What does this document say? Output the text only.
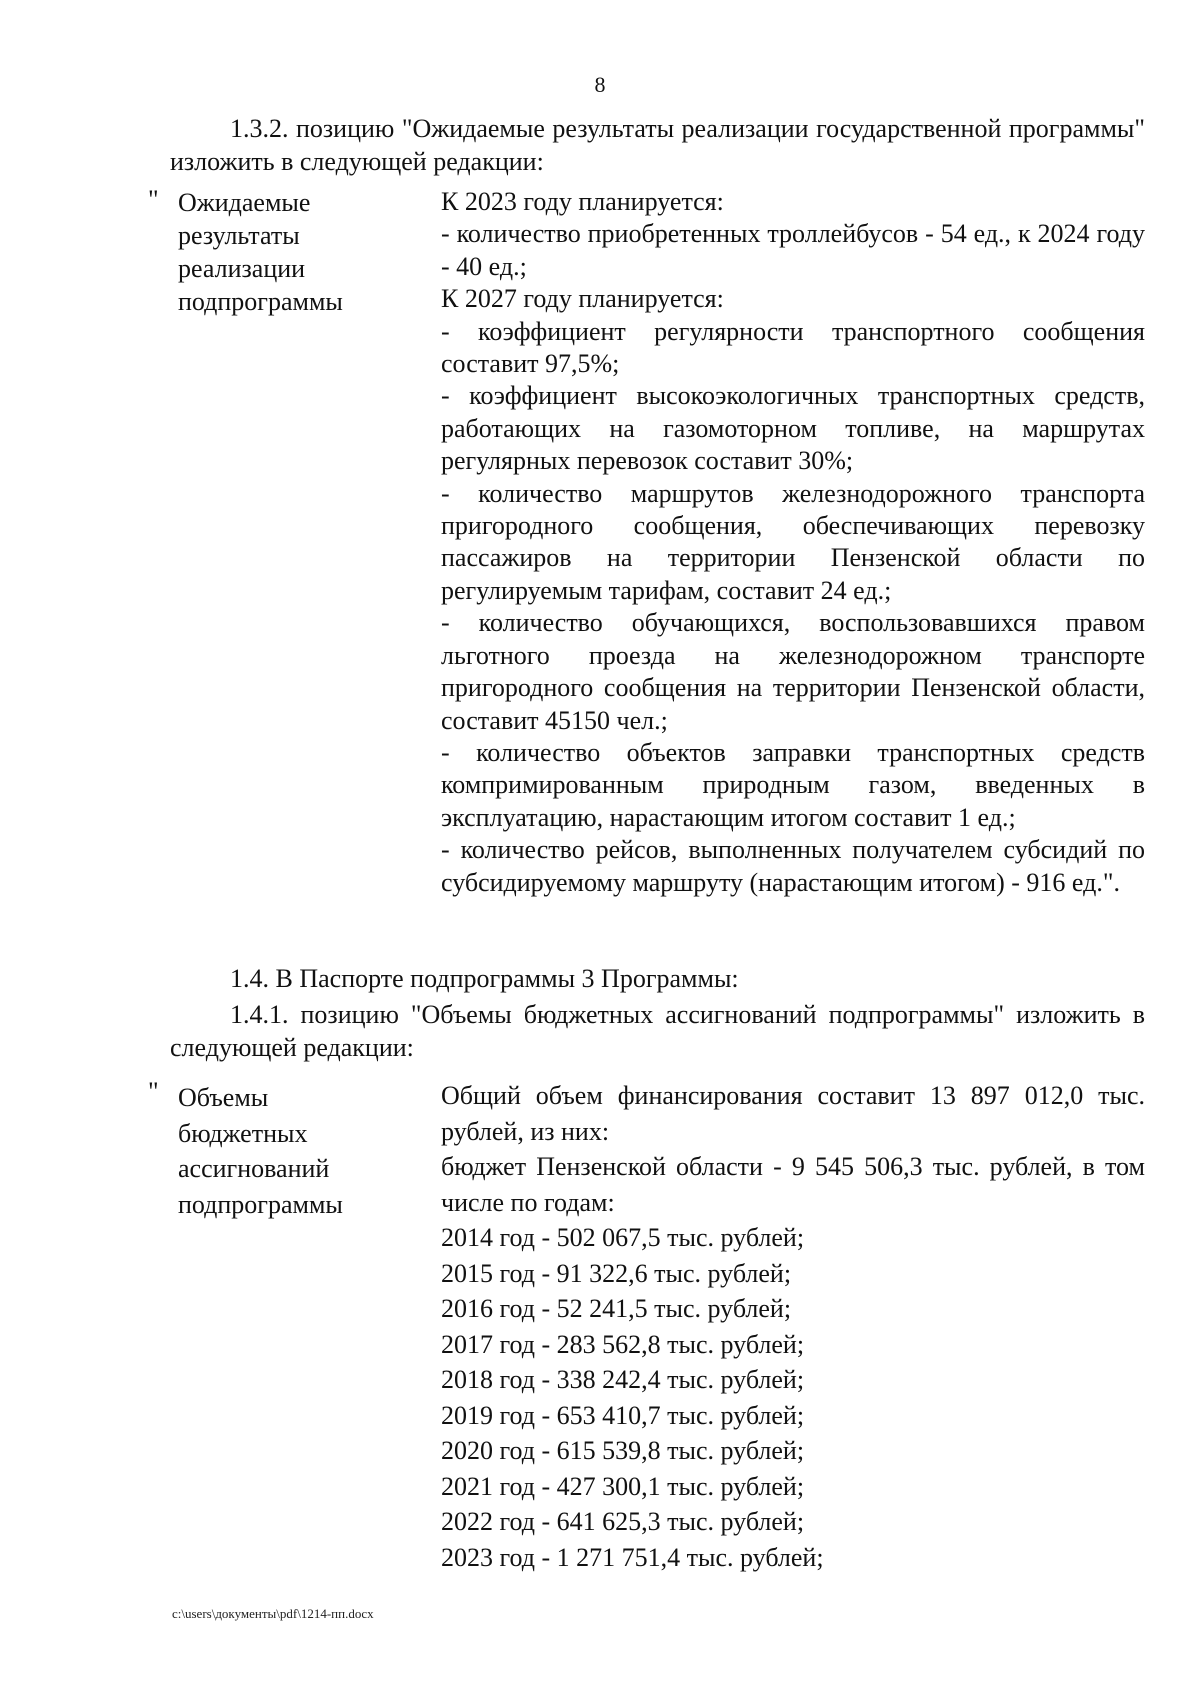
8
1.3.2. позицию "Ожидаемые результаты реализации государственной программы" изложить в следующей редакции:
" Ожидаемые
результаты
реализации
подпрограммы
К 2023 году планируется:
- количество приобретенных троллейбусов - 54 ед., к 2024 году - 40 ед.;
К 2027 году планируется:
- коэффициент регулярности транспортного сообщения составит 97,5%;
- коэффициент высокоэкологичных транспортных средств, работающих на газомоторном топливе, на маршрутах регулярных перевозок составит 30%;
- количество маршрутов железнодорожного транспорта пригородного сообщения, обеспечивающих перевозку пассажиров на территории Пензенской области по регулируемым тарифам, составит 24 ед.;
- количество обучающихся, воспользовавшихся правом льготного проезда на железнодорожном транспорте пригородного сообщения на территории Пензенской области, составит 45150 чел.;
- количество объектов заправки транспортных средств компримированным природным газом, введенных в эксплуатацию, нарастающим итогом составит 1 ед.;
- количество рейсов, выполненных получателем субсидий по субсидируемому маршруту (нарастающим итогом) - 916 ед.".
1.4. В Паспорте подпрограммы 3 Программы:
1.4.1. позицию "Объемы бюджетных ассигнований подпрограммы" изложить в следующей редакции:
" Объемы
бюджетных
ассигнований
подпрограммы
Общий объем финансирования составит 13 897 012,0 тыс. рублей, из них:
бюджет Пензенской области - 9 545 506,3 тыс. рублей, в том числе по годам:
2014 год - 502 067,5 тыс. рублей;
2015 год - 91 322,6 тыс. рублей;
2016 год - 52 241,5 тыс. рублей;
2017 год - 283 562,8 тыс. рублей;
2018 год - 338 242,4 тыс. рублей;
2019 год - 653 410,7 тыс. рублей;
2020 год - 615 539,8 тыс. рублей;
2021 год - 427 300,1 тыс. рублей;
2022 год - 641 625,3 тыс. рублей;
2023 год - 1 271 751,4 тыс. рублей;
c:\users\документы\pdf\1214-пп.docx
